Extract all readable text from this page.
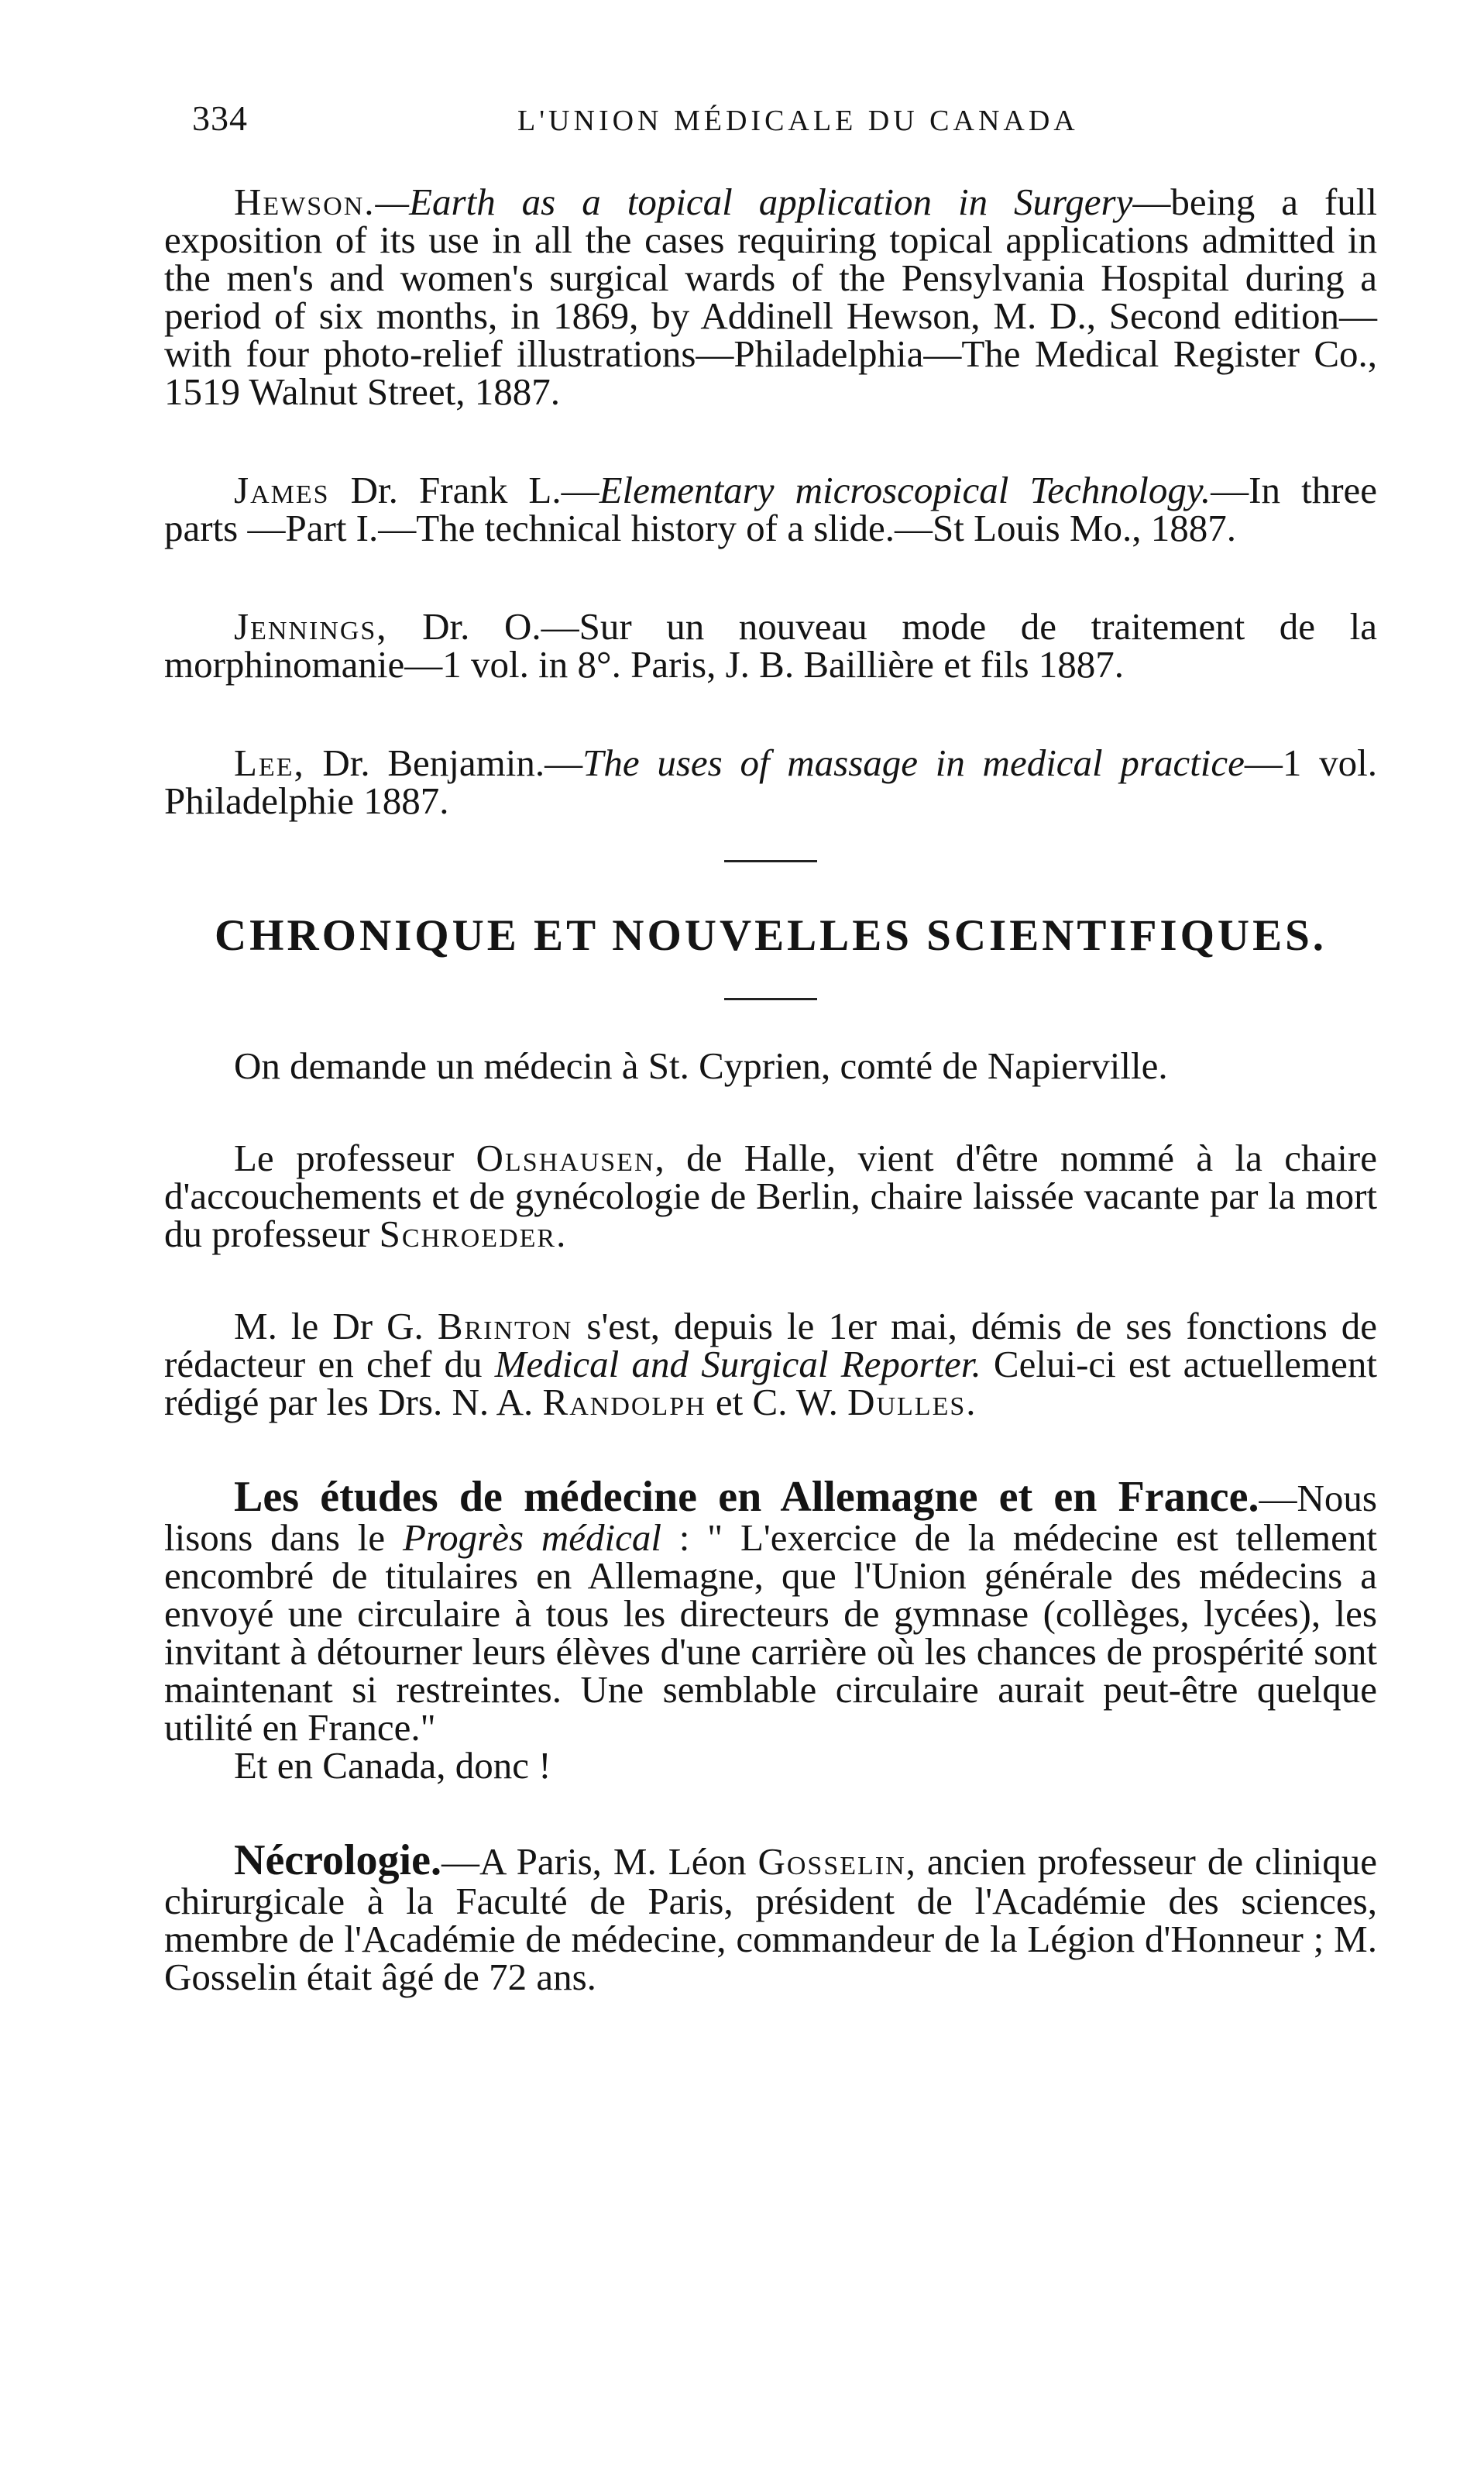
334	L'UNION MÉDICALE DU CANADA

Hewson.—Earth as a topical application in Surgery—being a full exposition of its use in all the cases requiring topical applications admitted in the men's and women's surgical wards of the Pensylvania Hospital during a period of six months, in 1869, by Addinell Hewson, M. D., Second edition—with four photo-relief illustrations—Philadelphia—The Medical Register Co., 1519 Walnut Street, 1887.

James Dr. Frank L.—Elementary microscopical Technology.—In three parts —Part I.—The technical history of a slide.—St Louis Mo., 1887.

Jennings, Dr. O.—Sur un nouveau mode de traitement de la morphinomanie—1 vol. in 8°. Paris, J. B. Baillière et fils 1887.

Lee, Dr. Benjamin.—The uses of massage in medical practice—1 vol. Philadelphie 1887.

CHRONIQUE ET NOUVELLES SCIENTIFIQUES.

On demande un médecin à St. Cyprien, comté de Napierville.

Le professeur Olshausen, de Halle, vient d'être nommé à la chaire d'accouchements et de gynécologie de Berlin, chaire laissée vacante par la mort du professeur Schroeder.

M. le Dr G. Brinton s'est, depuis le 1er mai, démis de ses fonctions de rédacteur en chef du Medical and Surgical Reporter. Celui-ci est actuellement rédigé par les Drs. N. A. Randolph et C. W. Dulles.

Les études de médecine en Allemagne et en France.—Nous lisons dans le Progrès médical : " L'exercice de la médecine est tellement encombré de titulaires en Allemagne, que l'Union générale des médecins a envoyé une circulaire à tous les directeurs de gymnase (collèges, lycées), les invitant à détourner leurs élèves d'une carrière où les chances de prospérité sont maintenant si restreintes. Une semblable circulaire aurait peut-être quelque utilité en France."

Et en Canada, donc !

Nécrologie.—A Paris, M. Léon Gosselin, ancien professeur de clinique chirurgicale à la Faculté de Paris, président de l'Académie des sciences, membre de l'Académie de médecine, commandeur de la Légion d'Honneur ; M. Gosselin était âgé de 72 ans.
